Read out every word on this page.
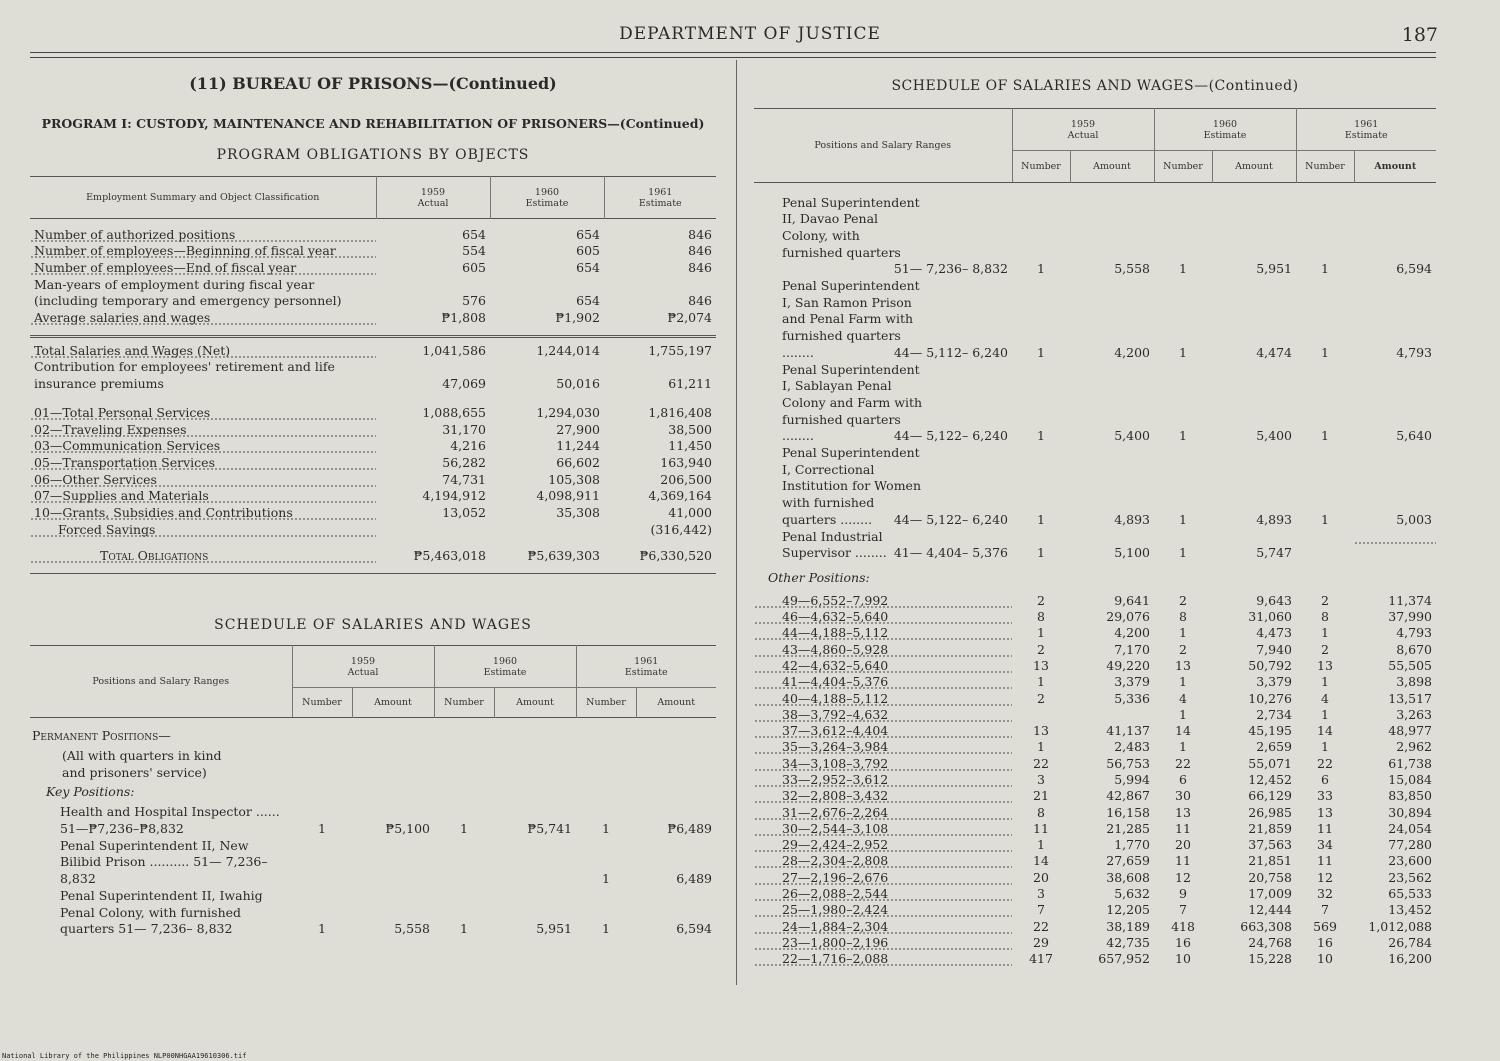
DEPARTMENT OF JUSTICE	187
(11) BUREAU OF PRISONS—(Continued)
PROGRAM I: CUSTODY, MAINTENANCE AND REHABILITATION OF PRISONERS—(Continued)
PROGRAM OBLIGATIONS BY OBJECTS
Employment Summary and Object Classification	1959
Actual	1960
Estimate	1961
Estimate

Number of authorized positions	654	654	846
Number of employees—Beginning of fiscal year	554	605	846
Number of employees—End of fiscal year	605	654	846
Man-years of employment during fiscal year (including temporary and emergency personnel)	576	654	846
Average salaries and wages	₱1,808	₱1,902	₱2,074

Total Salaries and Wages (Net)	1,041,586	1,244,014	1,755,197
Contribution for employees' retirement and life insurance premiums	47,069	50,016	61,211

01—Total Personal Services	1,088,655	1,294,030	1,816,408
02—Traveling Expenses	31,170	27,900	38,500
03—Communication Services	4,216	11,244	11,450
05—Transportation Services	56,282	66,602	163,940
06—Other Services	74,731	105,308	206,500
07—Supplies and Materials	4,194,912	4,098,911	4,369,164
10—Grants, Subsidies and Contributions	13,052	35,308	41,000
Forced Savings			(316,442)

Total Obligations	₱5,463,018	₱5,639,303	₱6,330,520

SCHEDULE OF SALARIES AND WAGES
Positions and Salary Ranges	1959
Actual		1960
Estimate		1961
Estimate	
	Number	Amount	Number	Amount	Number	Amount

Permanent Positions—						
(All with quarters in kind and prisoners' service)						
Key Positions:						
Health and Hospital Inspector ...... 51—₱7,236–₱8,832	1	₱5,100	1	₱5,741	1	₱6,489
Penal Superintendent II, New Bilibid Prison .......... 51— 7,236– 8,832					1	6,489
Penal Superintendent II, Iwahig Penal Colony, with furnished quarters 51— 7,236– 8,832	1	5,558	1	5,951	1	6,594
SCHEDULE OF SALARIES AND WAGES—(Continued)
Positions and Salary Ranges	1959
Actual		1960
Estimate		1961
Estimate	
	Number	Amount	Number	Amount	Number	Amount

Penal Superintendent II, Davao Penal Colony, with furnished quarters
51— 7,236– 8,832	1	5,558	1	5,951	1	6,594

Penal Superintendent I, San Ramon Prison and Penal Farm with furnished quarters ........ 44— 5,112– 6,240	1	4,200	1	4,474	1	4,793

Penal Superintendent I, Sablayan Penal Colony and Farm with furnished quarters ........ 44— 5,122– 6,240	1	5,400	1	5,400	1	5,640

Penal Superintendent I, Correctional Institution for Women with furnished quarters ........ 44— 5,122– 6,240	1	4,893	1	4,893	1	5,003

Penal Industrial Supervisor ........ 41— 4,404– 5,376	1	5,100	1	5,747		
Other Positions:						

49—6,552–7,992	2	9,641	2	9,643	2	11,374
46—4,632–5,640	8	29,076	8	31,060	8	37,990
44—4,188–5,112	1	4,200	1	4,473	1	4,793
43—4,860–5,928	2	7,170	2	7,940	2	8,670
42—4,632–5,640	13	49,220	13	50,792	13	55,505
41—4,404–5,376	1	3,379	1	3,379	1	3,898
40—4,188–5,112	2	5,336	4	10,276	4	13,517
38—3,792–4,632			1	2,734	1	3,263
37—3,612–4,404	13	41,137	14	45,195	14	48,977
35—3,264–3,984	1	2,483	1	2,659	1	2,962
34—3,108–3,792	22	56,753	22	55,071	22	61,738
33—2,952–3,612	3	5,994	6	12,452	6	15,084
32—2,808–3,432	21	42,867	30	66,129	33	83,850
31—2,676–2,264	8	16,158	13	26,985	13	30,894
30—2,544–3,108	11	21,285	11	21,859	11	24,054
29—2,424–2,952	1	1,770	20	37,563	34	77,280
28—2,304–2,808	14	27,659	11	21,851	11	23,600
27—2,196–2,676	20	38,608	12	20,758	12	23,562
26—2,088–2,544	3	5,632	9	17,009	32	65,533
25—1,980–2,424	7	12,205	7	12,444	7	13,452
24—1,884–2,304	22	38,189	418	663,308	569	1,012,088
23—1,800–2,196	29	42,735	16	24,768	16	26,784
22—1,716–2,088	417	657,952	10	15,228	10	16,200
National Library of the Philippines NLP00NHGAA19610306.tif
